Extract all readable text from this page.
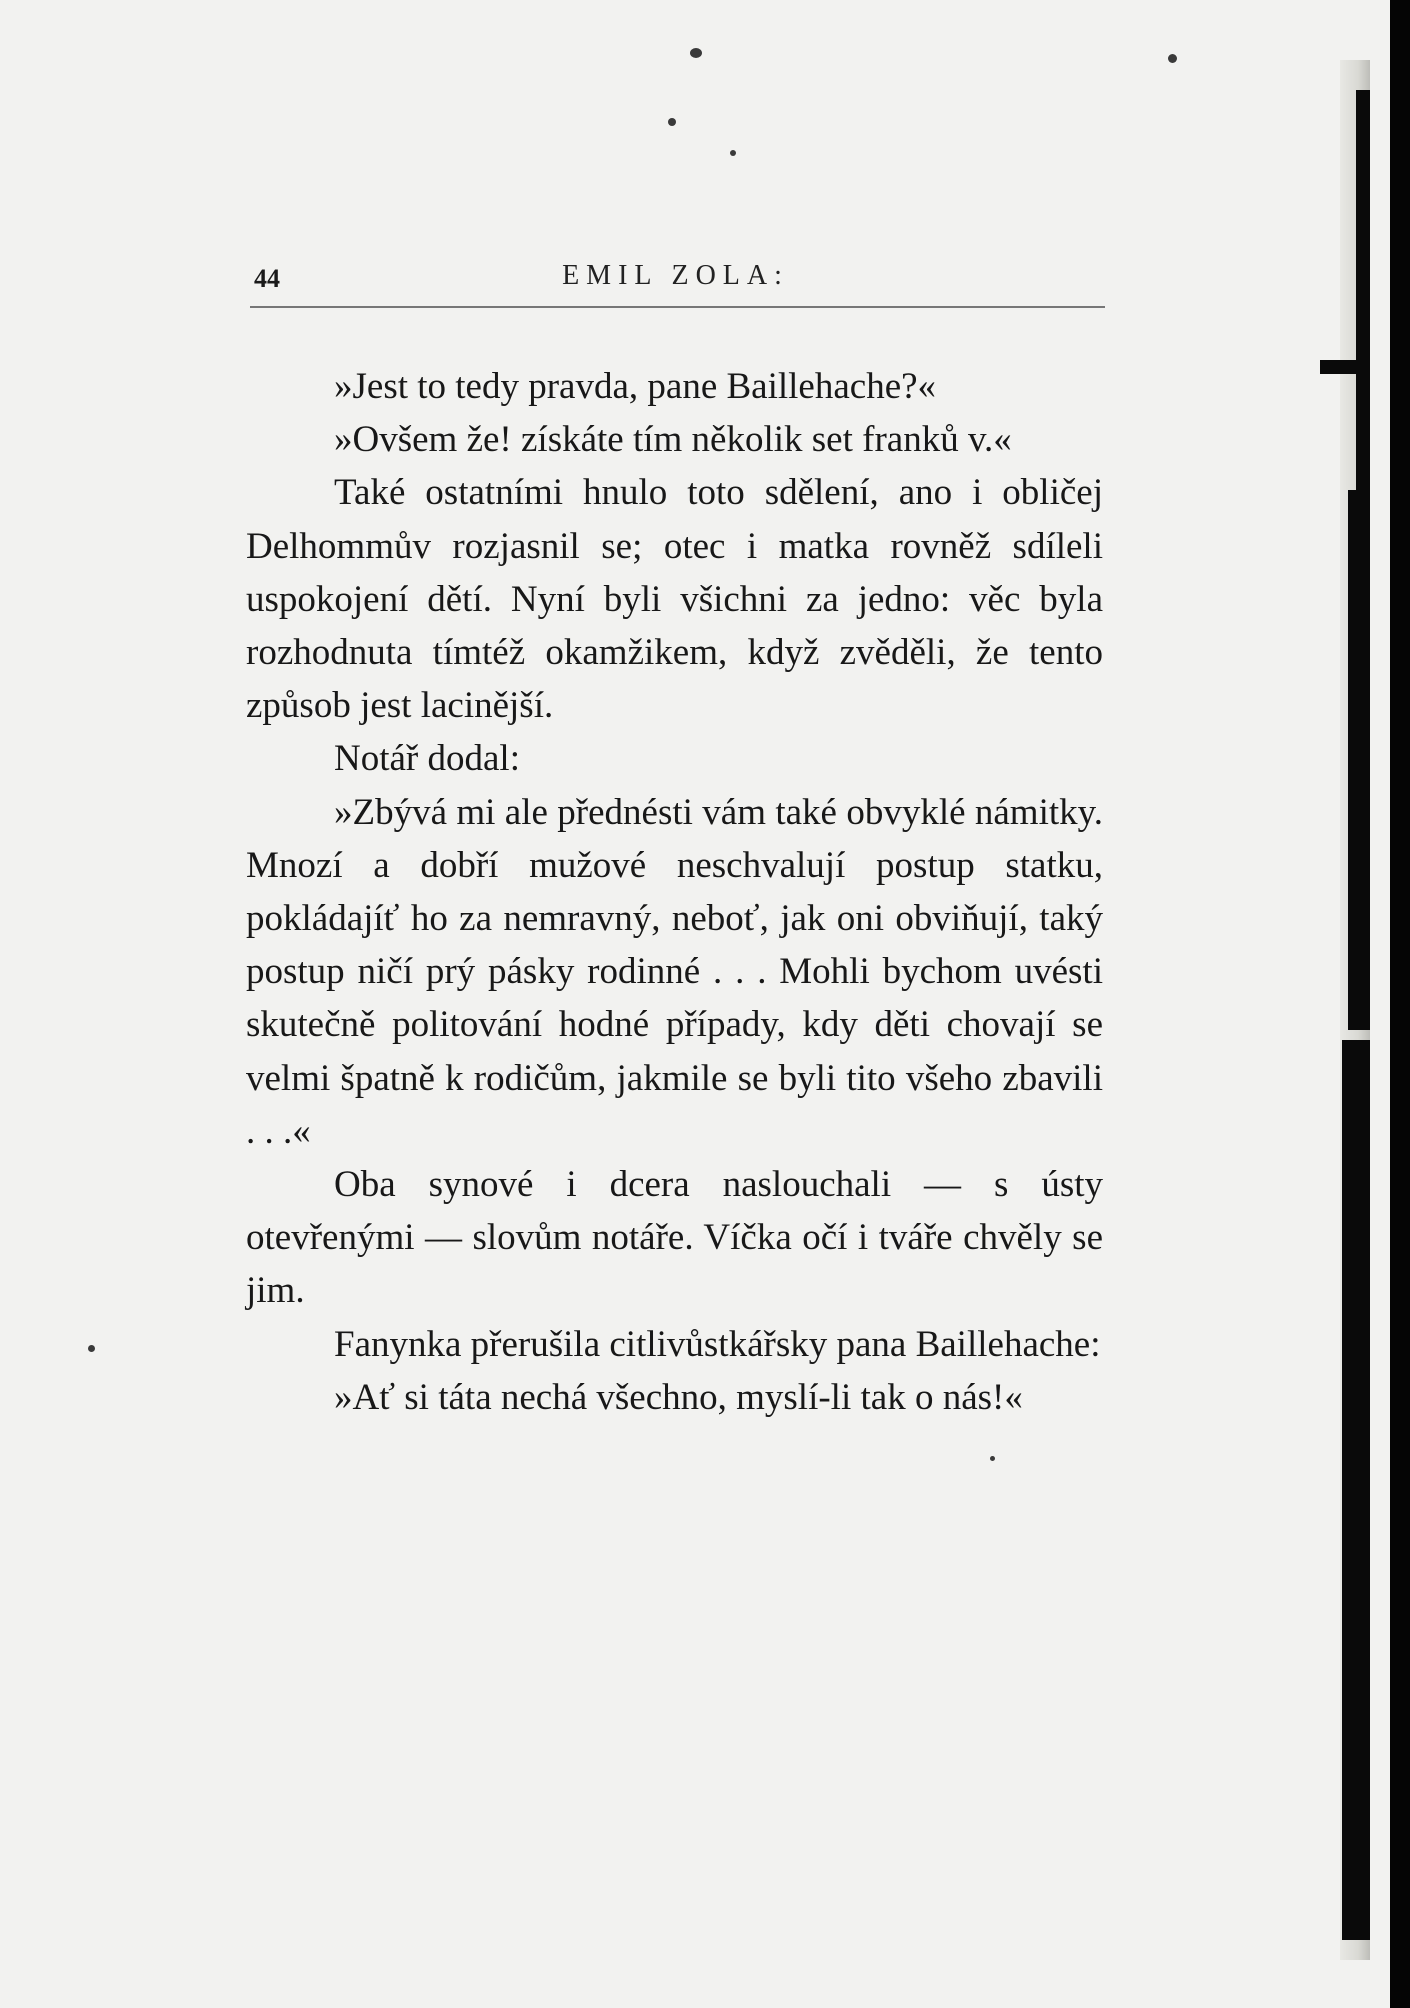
44	EMIL ZOLA:

»Jest to tedy pravda, pane Baillehache?«

»Ovšem že! získáte tím několik set franků v.«

Také ostatními hnulo toto sdělení, ano i obličej Delhommův rozjasnil se; otec i matka rovněž sdíleli uspokojení dětí. Nyní byli všichni za jedno: věc byla rozhodnuta tímtéž okamžikem, když zvěděli, že tento způsob jest lacinější.

Notář dodal:

»Zbývá mi ale přednésti vám také obvyklé námitky. Mnozí a dobří mužové neschvalují postup statku, pokládajíť ho za nemravný, neboť, jak oni obviňují, taký postup ničí prý pásky rodinné . . . Mohli bychom uvésti skutečně politování hodné případy, kdy děti chovají se velmi špatně k rodičům, jakmile se byli tito všeho zbavili . . .«

Oba synové i dcera naslouchali — s ústy otevřenými — slovům notáře. Víčka očí i tváře chvěly se jim.

Fanynka přerušila citlivůstkářsky pana Baillehache:

»Ať si táta nechá všechno, myslí-li tak o nás!«
